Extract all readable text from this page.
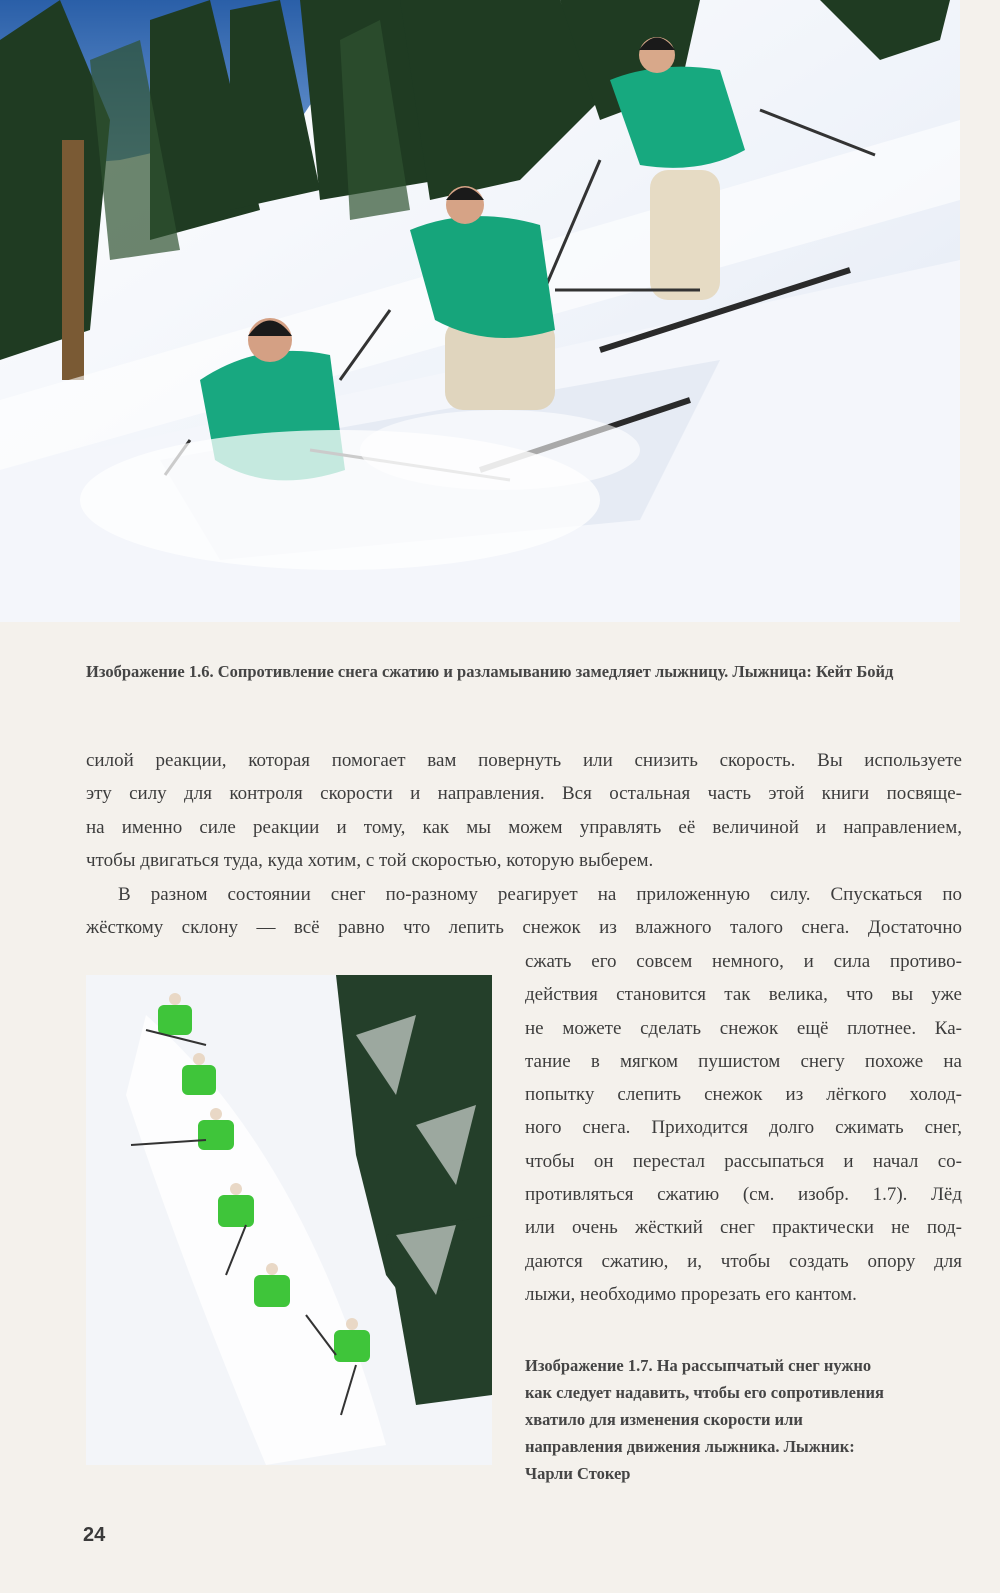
Изображение 1.6. Сопротивление снега сжатию и разламыванию замедляет лыжницу. Лыжница: Кейт Бойд
силой реакции, которая помогает вам повернуть или снизить скорость. Вы используете
эту силу для контроля скорости и направления. Вся остальная часть этой книги посвяще-
на именно силе реакции и тому, как мы можем управлять её величиной и направлением,
чтобы двигаться туда, куда хотим, с той скоростью, которую выберем.
В разном состоянии снег по-разному реагирует на приложенную силу. Спускаться по
жёсткому склону — всё равно что лепить снежок из влажного талого снега. Достаточно
сжать его совсем немного, и сила противо-
действия становится так велика, что вы уже
не можете сделать снежок ещё плотнее. Ка-
тание в мягком пушистом снегу похоже на
попытку слепить снежок из лёгкого холод-
ного снега. Приходится долго сжимать снег,
чтобы он перестал рассыпаться и начал со-
противляться сжатию (см. изобр. 1.7). Лёд
или очень жёсткий снег практически не под-
даются сжатию, и, чтобы создать опору для
лыжи, необходимо прорезать его кантом.
Изображение 1.7. На рассыпчатый снег нужно
как следует надавить, чтобы его сопротивления
хватило для изменения скорости или
направления движения лыжника. Лыжник:
Чарли Стокер
24
